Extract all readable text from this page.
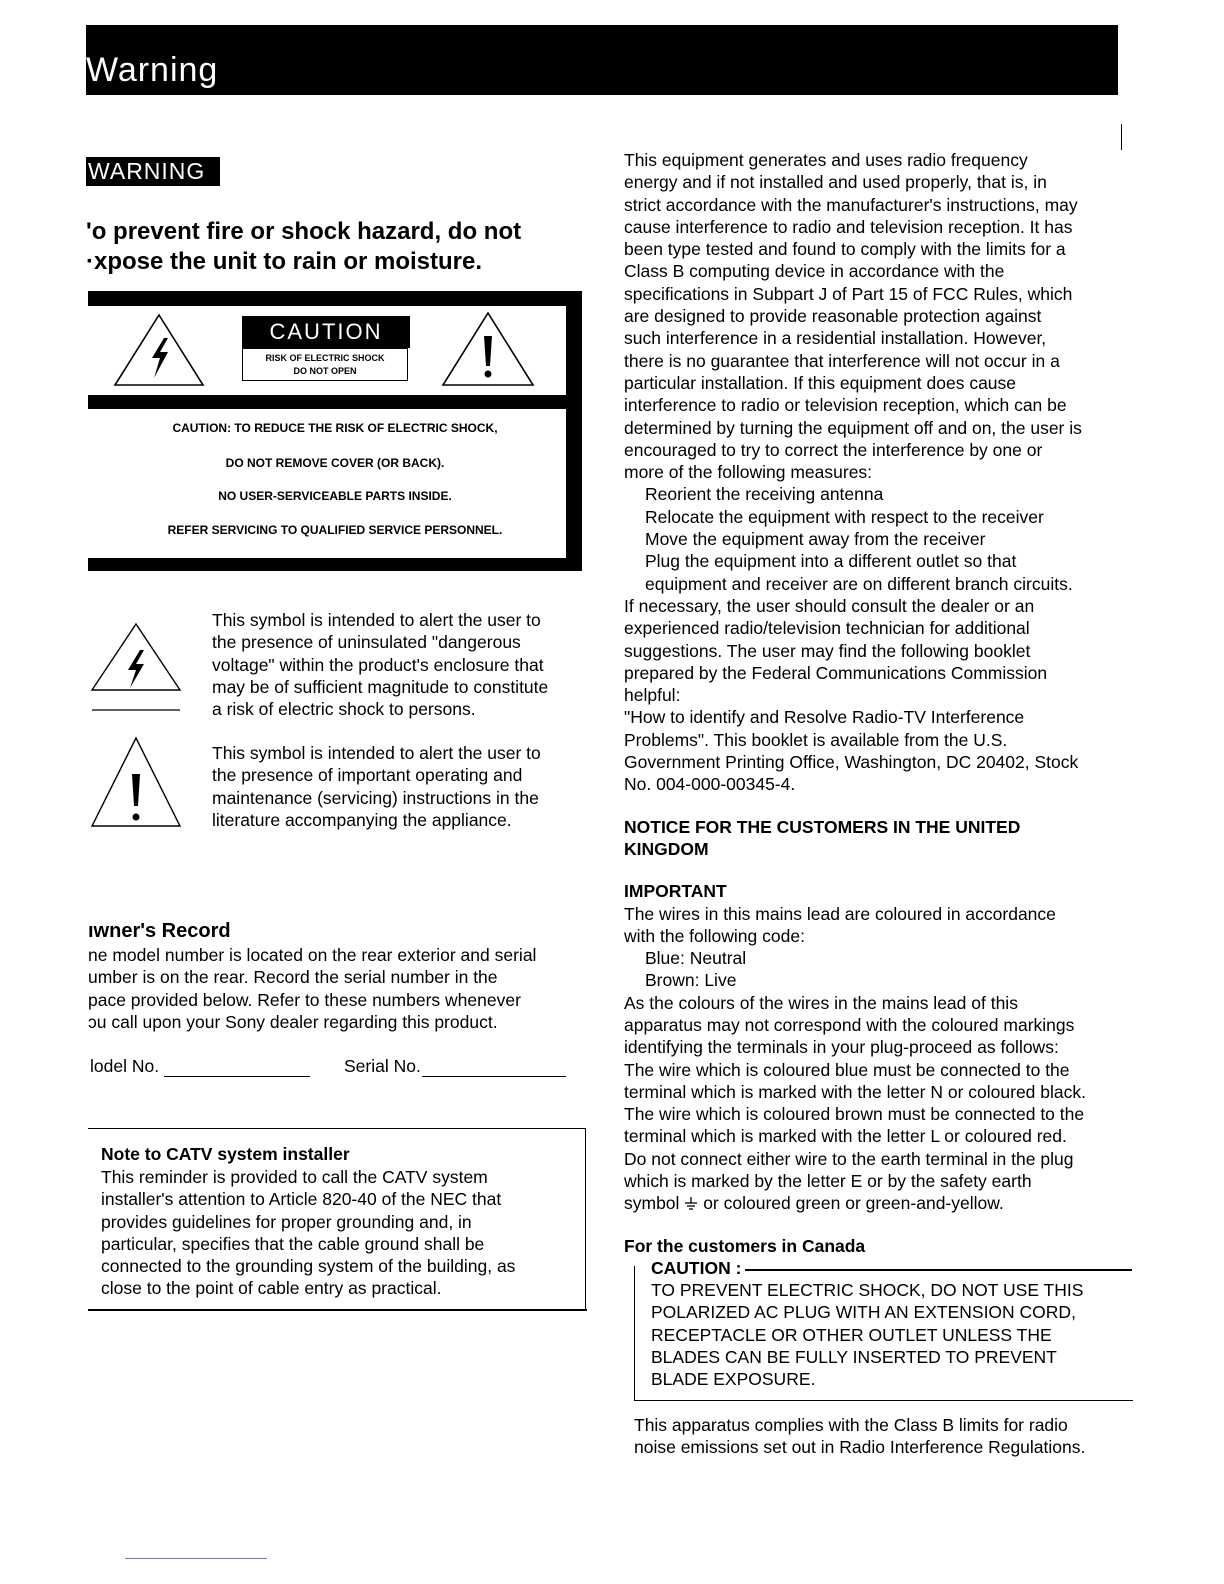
Warning
WARNING
'o prevent fire or shock hazard, do not
·xpose the unit to rain or moisture.
CAUTION: TO REDUCE THE RISK OF ELECTRIC SHOCK,
DO NOT REMOVE COVER (OR BACK).
NO USER-SERVICEABLE PARTS INSIDE.
REFER SERVICING TO QUALIFIED SERVICE PERSONNEL.
CAUTION
RISK OF ELECTRIC SHOCK
DO NOT OPEN
This symbol is intended to alert the user to
the presence of uninsulated "dangerous
voltage" within the product's enclosure that
may be of sufficient magnitude to constitute
a risk of electric shock to persons.
This symbol is intended to alert the user to
the presence of important operating and
maintenance (servicing) instructions in the
literature accompanying the appliance.
ıwner's Record
ne model number is located on the rear exterior and serial
umber is on the rear. Record the serial number in the
pace provided below. Refer to these numbers whenever
ɔu call upon your Sony dealer regarding this product.
lodel No.	Serial No.
Note to CATV system installer
This reminder is provided to call the CATV system
installer's attention to Article 820-40 of the NEC that
provides guidelines for proper grounding and, in
particular, specifies that the cable ground shall be
connected to the grounding system of the building, as
close to the point of cable entry as practical.
This equipment generates and uses radio frequency
energy and if not installed and used properly, that is, in
strict accordance with the manufacturer's instructions, may
cause interference to radio and television reception. It has
been type tested and found to comply with the limits for a
Class B computing device in accordance with the
specifications in Subpart J of Part 15 of FCC Rules, which
are designed to provide reasonable protection against
such interference in a residential installation. However,
there is no guarantee that interference will not occur in a
particular installation. If this equipment does cause
interference to radio or television reception, which can be
determined by turning the equipment off and on, the user is
encouraged to try to correct the interference by one or
more of the following measures:
Reorient the receiving antenna
Relocate the equipment with respect to the receiver
Move the equipment away from the receiver
Plug the equipment into a different outlet so that
equipment and receiver are on different branch circuits.
If necessary, the user should consult the dealer or an
experienced radio/television technician for additional
suggestions. The user may find the following booklet
prepared by the Federal Communications Commission
helpful:
"How to identify and Resolve Radio-TV Interference
Problems". This booklet is available from the U.S.
Government Printing Office, Washington, DC 20402, Stock
No. 004-000-00345-4.
NOTICE FOR THE CUSTOMERS IN THE UNITED
KINGDOM
IMPORTANT
The wires in this mains lead are coloured in accordance
with the following code:
Blue: Neutral
Brown: Live
As the colours of the wires in the mains lead of this
apparatus may not correspond with the coloured markings
identifying the terminals in your plug-proceed as follows:
The wire which is coloured blue must be connected to the
terminal which is marked with the letter N or coloured black.
The wire which is coloured brown must be connected to the
terminal which is marked with the letter L or coloured red.
Do not connect either wire to the earth terminal in the plug
which is marked by the letter E or by the safety earth
symbol or coloured green or green-and-yellow.
For the customers in Canada
CAUTION :
TO PREVENT ELECTRIC SHOCK, DO NOT USE THIS
POLARIZED AC PLUG WITH AN EXTENSION CORD,
RECEPTACLE OR OTHER OUTLET UNLESS THE
BLADES CAN BE FULLY INSERTED TO PREVENT
BLADE EXPOSURE.
This apparatus complies with the Class B limits for radio
noise emissions set out in Radio Interference Regulations.
